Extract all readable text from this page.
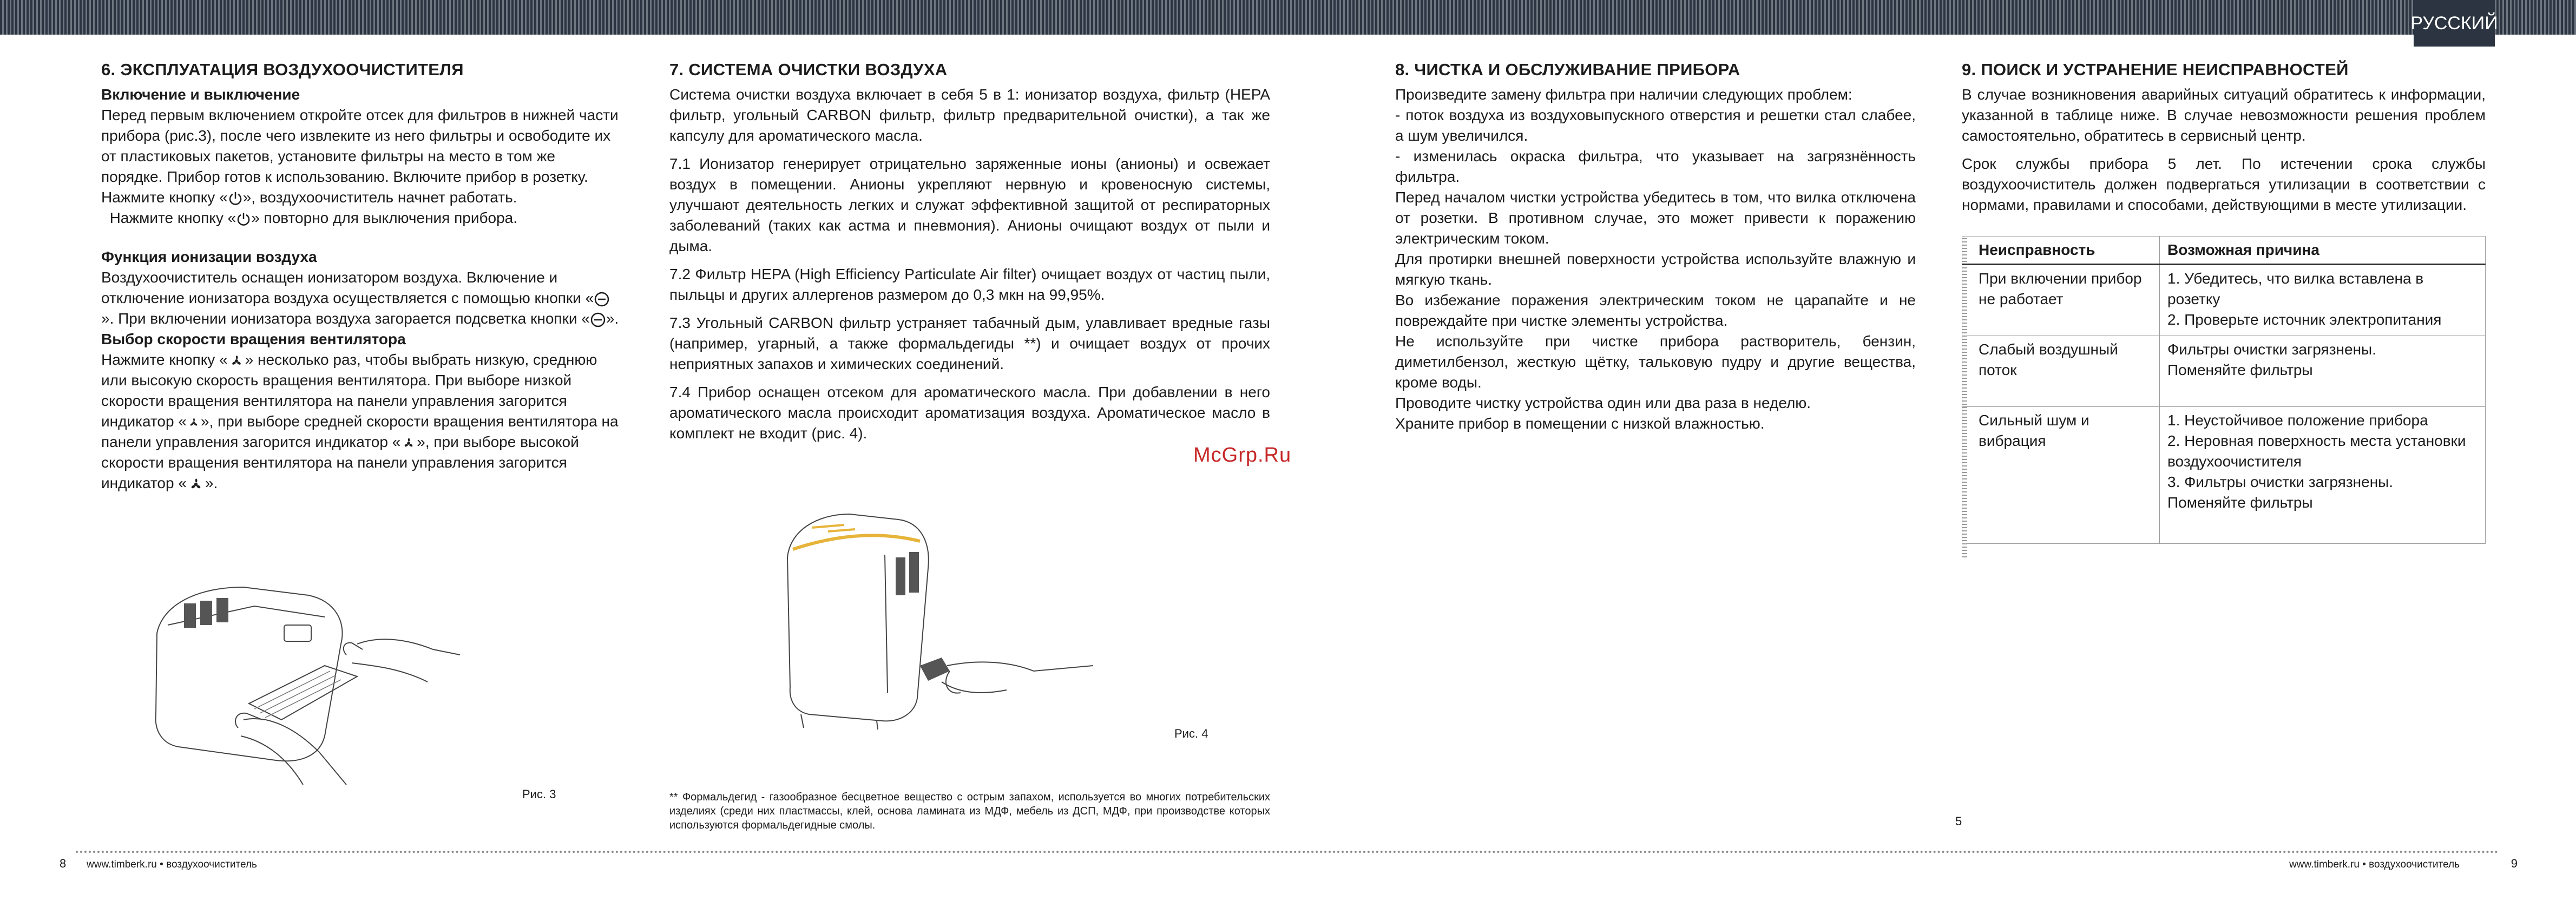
РУССКИЙ
6. ЭКСПЛУАТАЦИЯ ВОЗДУХООЧИСТИТЕЛЯ
Включение и выключение

Перед первым включением откройте отсек для фильтров в нижней части прибора (рис.3), после чего извлеките из него фильтры и освободите их от пластиковых пакетов, установите фильтры на место в том же порядке. Прибор готов к использованию. Включите прибор в розетку. Нажмите кнопку « », воздухоочиститель начнет работать.
Нажмите кнопку « » повторно для выключения прибора.

Функция ионизации воздуха

Воздухоочиститель оснащен ионизатором воздуха. Включение и отключение ионизатора воздуха осуществляется с помощью кнопки «». При включении ионизатора воздуха загорается подсветка кнопки « ».

Выбор скорости вращения вентилятора

Нажмите кнопку « » несколько раз, чтобы выбрать низкую, среднюю или высокую скорость вращения вентилятора. При выборе низкой скорости вращения вентилятора на панели управления загорится индикатор « », при выборе средней скорости вращения вентилятора на панели управления загорится индикатор « », при выборе высокой скорости вращения вентилятора на панели управления загорится индикатор « ».

Рис. 3
7. СИСТЕМА ОЧИСТКИ ВОЗДУХА

Система очистки воздуха включает в себя 5 в 1: ионизатор воздуха, фильтр (HEPA фильтр, угольный CARBON фильтр, фильтр предварительной очистки), а так же капсулу для ароматического масла.

7.1 Ионизатор генерирует отрицательно заряженные ионы (анионы) и освежает воздух в помещении. Анионы укрепляют нервную и кровеносную системы, улучшают деятельность легких и служат эффективной защитой от респираторных заболеваний (таких как астма и пневмония). Анионы очищают воздух от пыли и дыма.

7.2 Фильтр HEPA (High Efficiency Particulate Air filter) очищает воздух от частиц пыли, пыльцы и других аллергенов размером до 0,3 мкн на 99,95%.

7.3 Угольный CARBON фильтр устраняет табачный дым, улавливает вредные газы (например, угарный, а также формальдегиды **) и очищает воздух от прочих неприятных запахов и химических соединений.

7.4 Прибор оснащен отсеком для ароматического масла. При добавлении в него ароматического масла происходит ароматизация воздуха. Ароматическое масло в комплект не входит (рис. 4).

Рис. 4
McGrp.Ru
** Формальдегид - газообразное бесцветное вещество с острым запахом, используется во многих потребительских изделиях (среди них пластмассы, клей, основа ламината из МДФ, мебель из ДСП, МДФ, при производстве которых используются формальдегидные смолы.
8. ЧИСТКА И ОБСЛУЖИВАНИЕ ПРИБОРА

Произведите замену фильтра при наличии следующих проблем:

- поток воздуха из воздуховыпускного отверстия и решетки стал слабее, а шум увеличился.

- изменилась окраска фильтра, что указывает на загрязнённость фильтра.

Перед началом чистки устройства убедитесь в том, что вилка отключена от розетки. В противном случае, это может привести к поражению электрическим током.

Для протирки внешней поверхности устройства используйте влажную и мягкую ткань.

Во избежание поражения электрическим током не царапайте и не повреждайте при чистке элементы устройства.

Не используйте при чистке прибора растворитель, бензин, диметилбензол, жесткую щётку, тальковую пудру и другие вещества, кроме воды.

Проводите чистку устройства один или два раза в неделю.

Храните прибор в помещении с низкой влажностью.

9. ПОИСК И УСТРАНЕНИЕ НЕИСПРАВНОСТЕЙ

В случае возникновения аварийных ситуаций обратитесь к информации, указанной в таблице ниже. В случае невозможности решения проблем самостоятельно, обратитесь в сервисный центр.

Срок службы прибора 5 лет. По истечении срока службы воздухоочиститель должен подвергаться утилизации в соответствии с нормами, правилами и способами, действующими в месте утилизации.

Неисправность	Возможная причина
При включении прибор не работает	1. Убедитесь, что вилка вставлена в розетку
2. Проверьте источник электропитания

Слабый воздушный поток	Фильтры очистки загрязнены.
Поменяйте фильтры

Сильный шум и вибрация	1. Неустойчивое положение прибора
2. Неровная поверхность места установки воздухоочистителя
3. Фильтры очистки загрязнены.
Поменяйте фильтры
5
8 www.timberk.ru • воздухоочиститель	www.timberk.ru • воздухоочиститель	9
